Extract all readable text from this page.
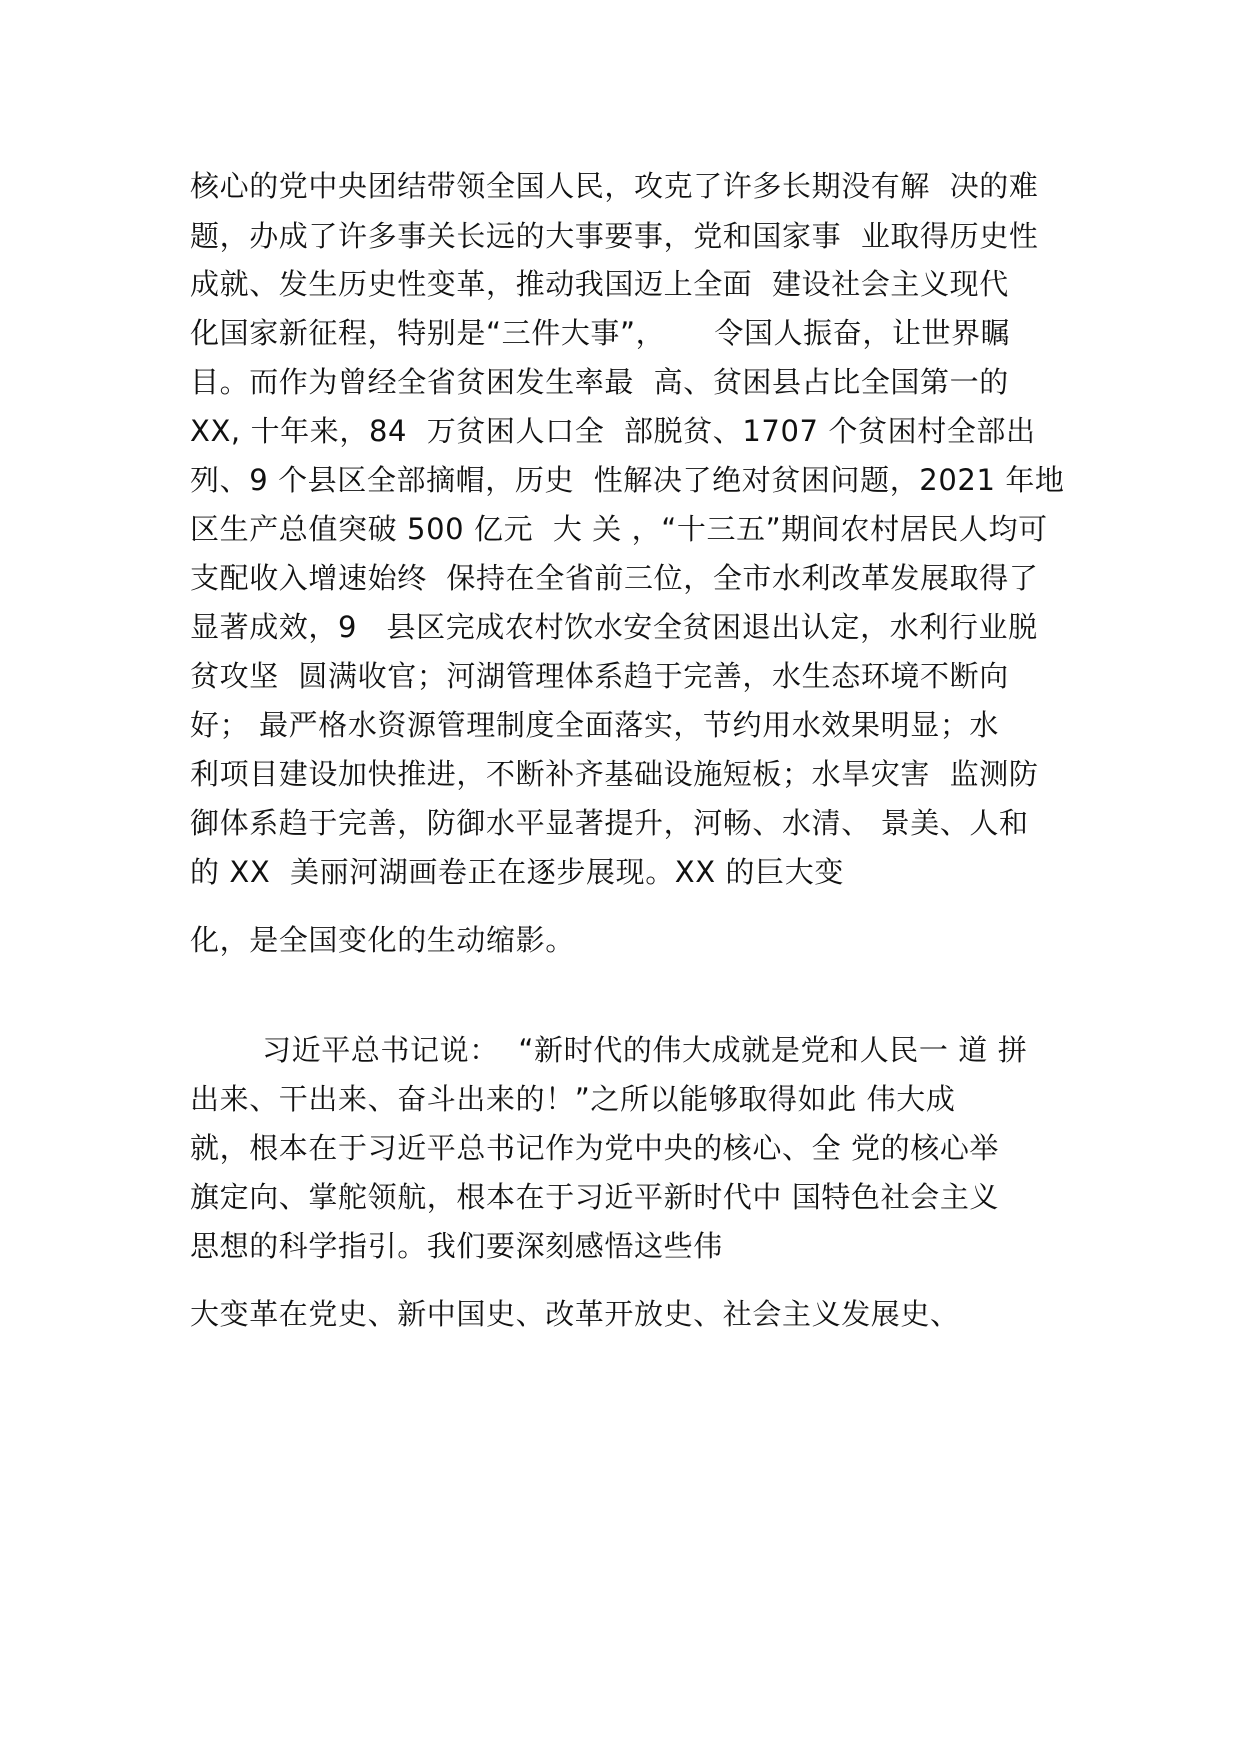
核心的党中央团结带领全国人民，攻克了许多长期没有解  决的难
题，办成了许多事关长远的大事要事，党和国家事  业取得历史性
成就、发生历史性变革，推动我国迈上全面  建设社会主义现代
化国家新征程，特别是“三件大事”，     令国人振奋，让世界瞩
目。而作为曾经全省贫困发生率最  高、贫困县占比全国第一的
XX, 十年来，84  万贫困人口全  部脱贫、1707 个贫困村全部出
列、9 个县区全部摘帽，历史  性解决了绝对贫困问题，2021 年地
区生产总值突破 500 亿元  大 关 ，“十三五”期间农村居民人均可
支配收入增速始终  保持在全省前三位，全市水利改革发展取得了
显著成效，9   县区完成农村饮水安全贫困退出认定，水利行业脱
贫攻坚  圆满收官；河湖管理体系趋于完善，水生态环境不断向
好； 最严格水资源管理制度全面落实，节约用水效果明显；水
利项目建设加快推进，不断补齐基础设施短板；水旱灾害  监测防
御体系趋于完善，防御水平显著提升，河畅、水清、 景美、人和
的 XX  美丽河湖画卷正在逐步展现。XX 的巨大变
化，是全国变化的生动缩影。
习近平总书记说：  “新时代的伟大成就是党和人民一 道 拼
出来、干出来、奋斗出来的！”之所以能够取得如此 伟大成
就，根本在于习近平总书记作为党中央的核心、全 党的核心举
旗定向、掌舵领航，根本在于习近平新时代中 国特色社会主义
思想的科学指引。我们要深刻感悟这些伟
大变革在党史、新中国史、改革开放史、社会主义发展史、
